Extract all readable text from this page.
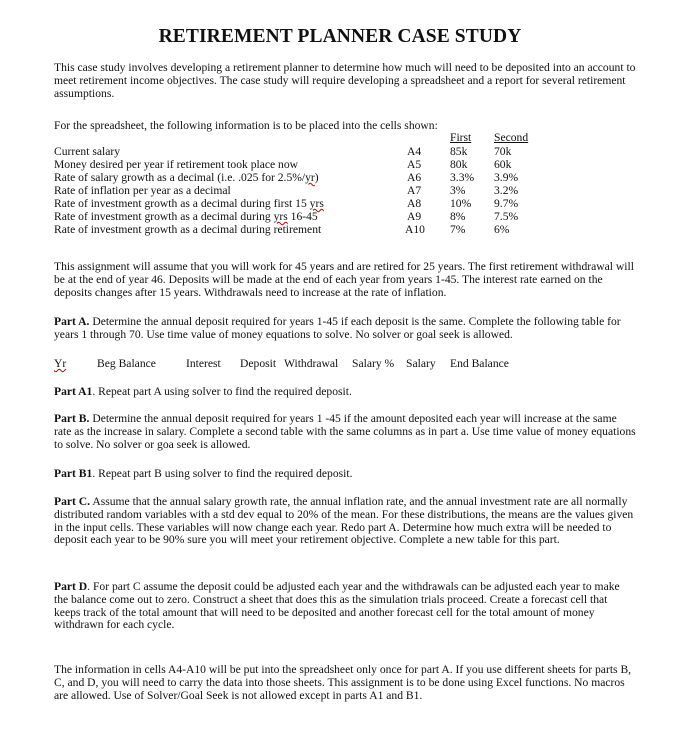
RETIREMENT PLANNER CASE STUDY
This case study involves developing a retirement planner to determine how much will need to be deposited into an account to meet retirement income objectives. The case study will require developing a spreadsheet and a report for several retirement assumptions.
For the spreadsheet, the following information is to be placed into the cells shown:
First Second
Current salary	A4 85k 70k
Money desired per year if retirement took place now	A5 80k 60k
Rate of salary growth as a decimal (i.e. .025 for 2.5%/yr)	A6 3.3% 3.9%
Rate of inflation per year as a decimal	A7 3% 3.2%
Rate of investment growth as a decimal during first 15 yrs	A8 10% 9.7%
Rate of investment growth as a decimal during yrs 16-45	A9 8% 7.5%
Rate of investment growth as a decimal during retirement	A10 7% 6%
This assignment will assume that you will work for 45 years and are retired for 25 years. The first retirement withdrawal will be at the end of year 46. Deposits will be made at the end of each year from years 1-45. The interest rate earned on the deposits changes after 15 years. Withdrawals need to increase at the rate of inflation.
Part A. Determine the annual deposit required for years 1-45 if each deposit is the same. Complete the following table for years 1 through 70. Use time value of money equations to solve. No solver or goal seek is allowed.
Yr	Beg Balance	Interest Deposit Withdrawal Salary % Salary End Balance
Part A1. Repeat part A using solver to find the required deposit.
Part B. Determine the annual deposit required for years 1 -45 if the amount deposited each year will increase at the same rate as the increase in salary. Complete a second table with the same columns as in part a. Use time value of money equations to solve. No solver or goa seek is allowed.
Part B1. Repeat part B using solver to find the required deposit.
Part C. Assume that the annual salary growth rate, the annual inflation rate, and the annual investment rate are all normally distributed random variables with a std dev equal to 20% of the mean. For these distributions, the means are the values given in the input cells. These variables will now change each year. Redo part A. Determine how much extra will be needed to deposit each year to be 90% sure you will meet your retirement objective. Complete a new table for this part.
Part D. For part C assume the deposit could be adjusted each year and the withdrawals can be adjusted each year to make the balance come out to zero. Construct a sheet that does this as the simulation trials proceed. Create a forecast cell that keeps track of the total amount that will need to be deposited and another forecast cell for the total amount of money withdrawn for each cycle.
The information in cells A4-A10 will be put into the spreadsheet only once for part A. If you use different sheets for parts B, C, and D, you will need to carry the data into those sheets. This assignment is to be done using Excel functions. No macros are allowed. Use of Solver/Goal Seek is not allowed except in parts A1 and B1.
